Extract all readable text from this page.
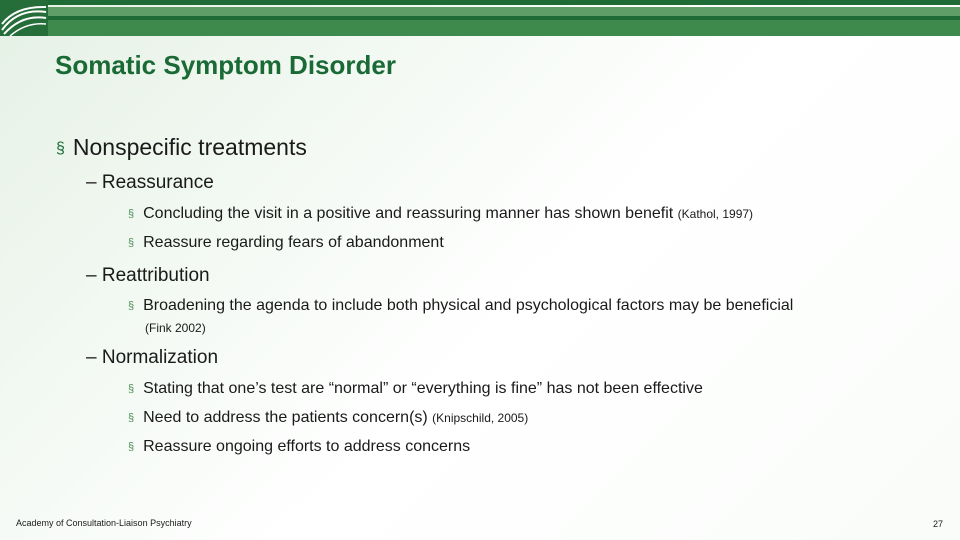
Somatic Symptom Disorder
§ Nonspecific treatments
– Reassurance
§ Concluding the visit in a positive and reassuring manner has shown benefit (Kathol, 1997)
§ Reassure regarding fears of abandonment
– Reattribution
§ Broadening the agenda to include both physical and psychological factors may be beneficial
(Fink 2002)
– Normalization
§ Stating that one’s test are “normal” or “everything is fine” has not been effective
§ Need to address the patients concern(s) (Knipschild, 2005)
§ Reassure ongoing efforts to address concerns
Academy of Consultation-Liaison Psychiatry	27
